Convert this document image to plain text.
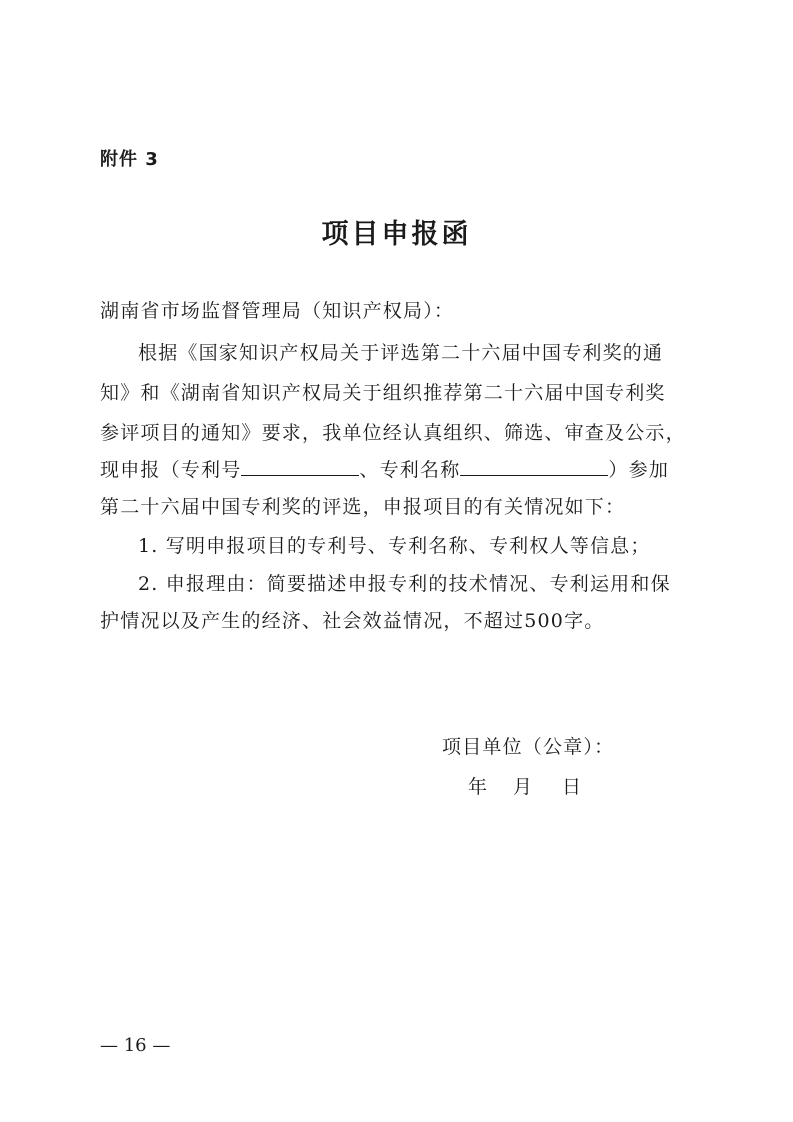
附件 3
项目申报函
湖南省市场监督管理局（知识产权局）：
根据《国家知识产权局关于评选第二十六届中国专利奖的通
知》和《湖南省知识产权局关于组织推荐第二十六届中国专利奖
参评项目的通知》要求，我单位经认真组织、筛选、审查及公示，
现申报（专利号	、专利名称	）参加
第二十六届中国专利奖的评选，申报项目的有关情况如下：
1. 写明申报项目的专利号、专利名称、专利权人等信息；
2. 申报理由：简要描述申报专利的技术情况、专利运用和保
护情况以及产生的经济、社会效益情况，不超过500字。
项目单位（公章）：
年 月 日
— 16 —
